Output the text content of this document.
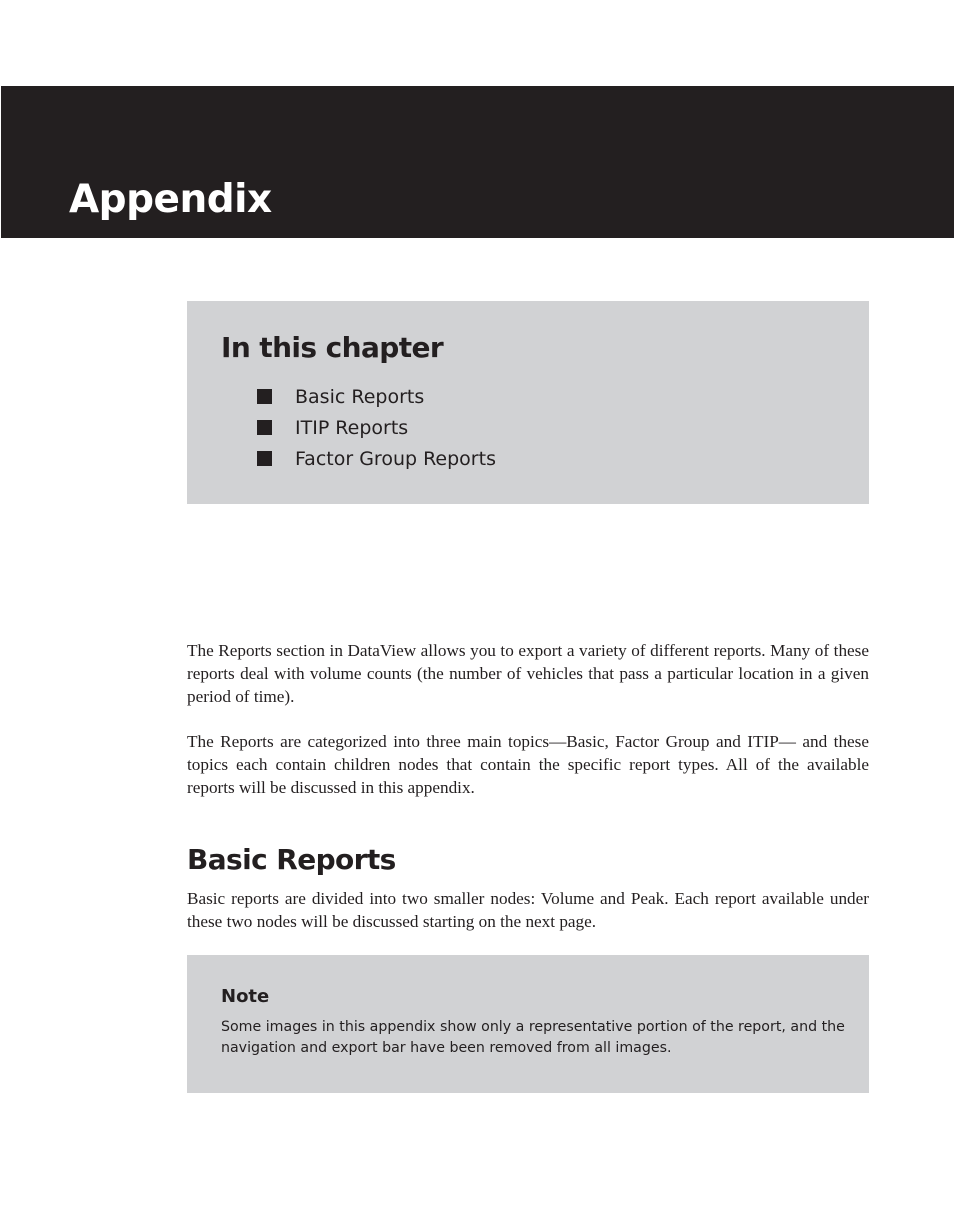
Appendix
In this chapter
Basic Reports
ITIP Reports
Factor Group Reports

The Reports section in DataView allows you to export a variety of different reports. Many of these reports deal with volume counts (the number of vehicles that pass a particular location in a given period of time).

The Reports are categorized into three main topics—Basic, Factor Group and ITIP— and these topics each contain children nodes that contain the specific report types. All of the available reports will be discussed in this appendix.

Basic Reports

Basic reports are divided into two smaller nodes: Volume and Peak. Each report available under these two nodes will be discussed starting on the next page.

Note

Some images in this appendix show only a representative portion of the report, and the navigation and export bar have been removed from all images.
